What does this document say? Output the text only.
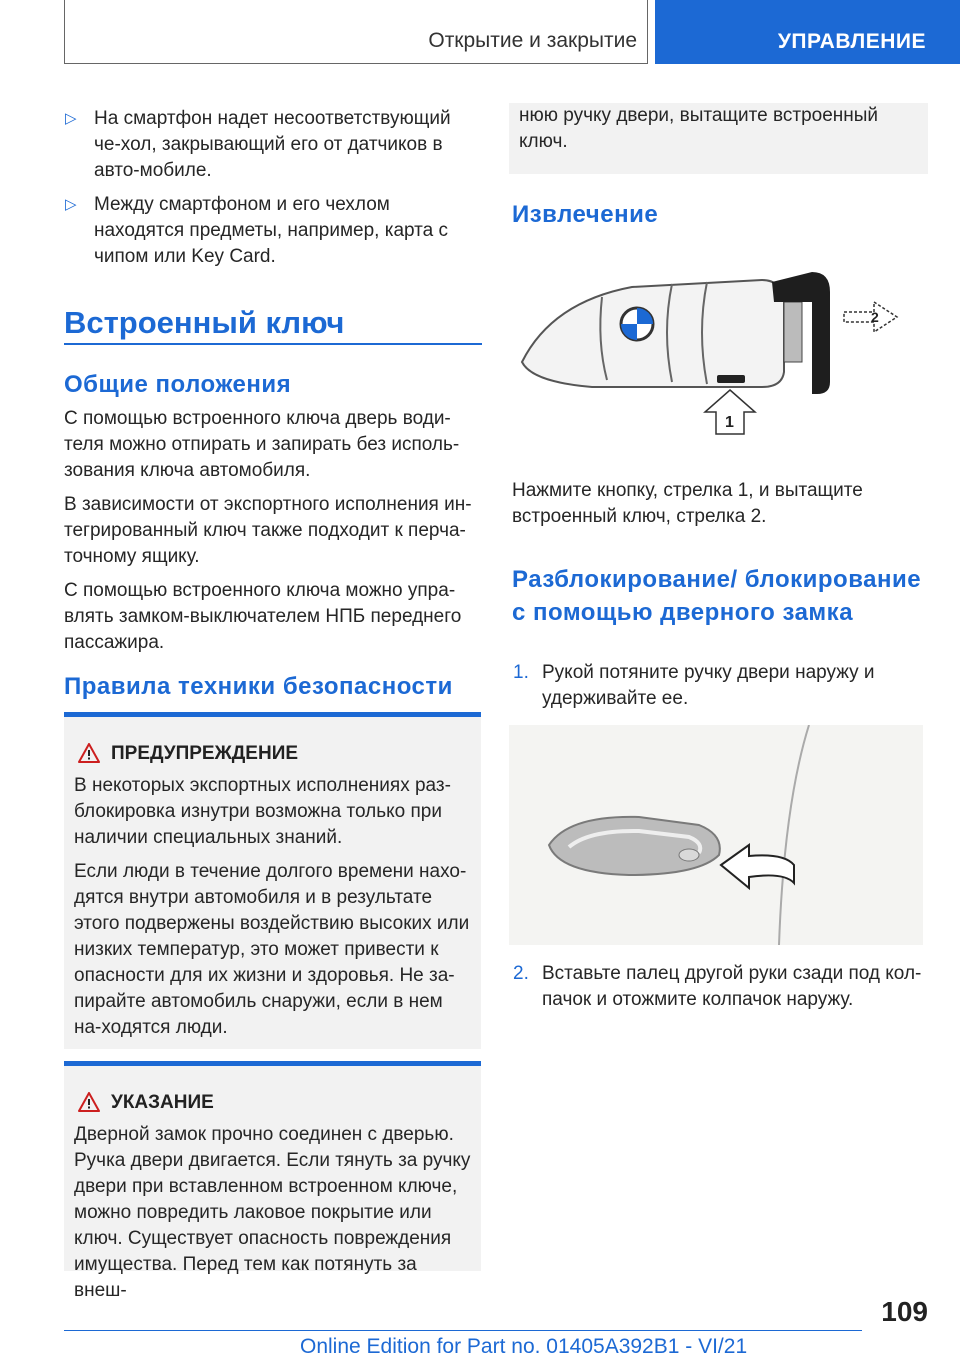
Открытие и закрытие	УПРАВЛЕНИЕ
▷ На смартфон надет несоответствующий че-хол, закрывающий его от датчиков в авто-мобиле.
▷ Между смартфоном и его чехлом находятся предметы, например, карта с чипом или Key Card.
Встроенный ключ
Общие положения

С помощью встроенного ключа дверь води-теля можно отпирать и запирать без исполь-зования ключа автомобиля.

В зависимости от экспортного исполнения ин-тегрированный ключ также подходит к перча-точному ящику.

С помощью встроенного ключа можно упра-влять замком-выключателем НПБ переднего пассажира.

Правила техники безопасности
ПРЕДУПРЕЖДЕНИЕ

В некоторых экспортных исполнениях раз-блокировка изнутри возможна только при наличии специальных знаний.

Если люди в течение долгого времени нахо-дятся внутри автомобиля и в результате этого подвержены воздействию высоких или низких температур, это может привести к опасности для их жизни и здоровья. Не за-пирайте автомобиль снаружи, если в нем на-ходятся люди.

УКАЗАНИЕ
Дверной замок прочно соединен с дверью. Ручка двери двигается. Если тянуть за ручку двери при вставленном встроенном ключе, можно повредить лаковое покрытие или ключ. Существует опасность повреждения имущества. Перед тем как потянуть за внеш-
нюю ручку двери, вытащите встроенный ключ.
Извлечение
2
1
Нажмите кнопку, стрелка 1, и вытащите встроенный ключ, стрелка 2.
Разблокирование/ блокирование с помощью дверного замка
1. Рукой потяните ручку двери наружу и удерживайте ее.
2. Вставьте палец другой руки сзади под кол-пачок и отожмите колпачок наружу.
109
Online Edition for Part no. 01405A392B1 - VI/21
